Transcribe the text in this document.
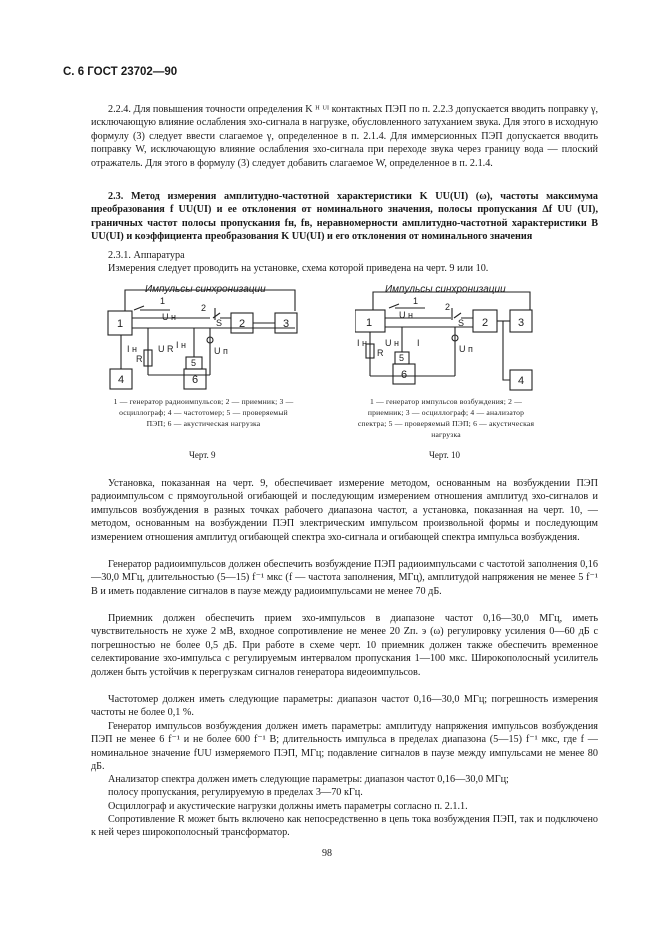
С. 6 ГОСТ 23702—90
2.2.4. Для повышения точности определения K ᴴ ᵁᴵ контактных ПЭП по п. 2.2.3 допускается вводить поправку γ, исключающую влияние ослабления эхо-сигнала в нагрузке, обусловленного затуханием звука. Для этого в исходную формулу (3) следует ввести слагаемое γ, определенное в п. 2.1.4. Для иммерсионных ПЭП допускается вводить поправку W, исключающую влияние ослабления эхо-сигнала при переходе звука через границу вода — плоский отражатель. Для этого в формулу (3) следует добавить слагаемое W, определенное в п. 2.1.4.
2.3. Метод измерения амплитудно-частотной характеристики K UU(UI) (ω), частоты максимума преобразования f UU(UI) и ее отклонения от номинального значения, полосы пропускания Δf UU (UI), граничных частот полосы пропускания fн, fв, неравномерности амплитудно-частотной характеристики B UU(UI) и коэффициента преобразования K UU(UI) и его отклонения от номинального значения
2.3.1. Аппаратура
Измерения следует проводить на установке, схема которой приведена на черт. 9 или 10.
Импульсы синхронизации
1	2	3
4
5
6
R
1
2
U н
I н U R I н
U п
S
1 — генератор радиоимпульсов; 2 — приемник; 3 — осциллограф; 4 — частотомер; 5 — проверяемый ПЭП; 6 — акустическая нагрузка
Черт. 9
Импульсы синхронизации
1	2	3
4
5
6
R
1
2
U н
I н U н I
U п
S
1 — генератор импульсов возбуждения; 2 — приемник; 3 — осциллограф; 4 — анализатор спектра; 5 — проверяемый ПЭП; 6 — акустическая нагрузка
Черт. 10
Установка, показанная на черт. 9, обеспечивает измерение методом, основанным на возбуждении ПЭП радиоимпульсом с прямоугольной огибающей и последующим измерением отношения амплитуд эхо-сигналов и импульсов возбуждения в разных точках рабочего диапазона частот, а установка, показанная на черт. 10, — методом, основанным на возбуждении ПЭП электрическим импульсом произвольной формы и последующим измерением отношения амплитуд огибающей спектра эхо-сигнала и огибающей спектра импульса возбуждения.
Генератор радиоимпульсов должен обеспечить возбуждение ПЭП радиоимпульсами с частотой заполнения 0,16—30,0 МГц, длительностью (5—15) f⁻¹ мкс (f — частота заполнения, МГц), амплитудой напряжения не менее 5 f⁻¹ В и иметь подавление сигналов в паузе между радиоимпульсами не менее 70 дБ.
Приемник должен обеспечить прием эхо-импульсов в диапазоне частот 0,16—30,0 МГц, иметь чувствительность не хуже 2 мВ, входное сопротивление не менее 20 Zп. э (ω) регулировку усиления 0—60 дБ с погрешностью не более 0,5 дБ. При работе в схеме черт. 10 приемник должен также обеспечить временное селектирование эхо-импульса с регулируемым интервалом пропускания 1—100 мкс. Широкополосный усилитель должен быть устойчив к перегрузкам сигналов генератора видеоимпульсов.
Частотомер должен иметь следующие параметры: диапазон частот 0,16—30,0 МГц; погрешность измерения частоты не более 0,1 %.
Генератор импульсов возбуждения должен иметь параметры: амплитуду напряжения импульсов возбуждения ПЭП не менее 6 f⁻¹ и не более 600 f⁻¹ В; длительность импульса в пределах диапазона (5—15) f⁻¹ мкс, где f — номинальное значение fUU измеряемого ПЭП, МГц; подавление сигналов в паузе между импульсами не менее 80 дБ.
Анализатор спектра должен иметь следующие параметры: диапазон частот 0,16—30,0 МГц;
полосу пропускания, регулируемую в пределах 3—70 кГц.
Осциллограф и акустические нагрузки должны иметь параметры согласно п. 2.1.1.
Сопротивление R может быть включено как непосредственно в цепь тока возбуждения ПЭП, так и подключено к ней через широкополосный трансформатор.
98
